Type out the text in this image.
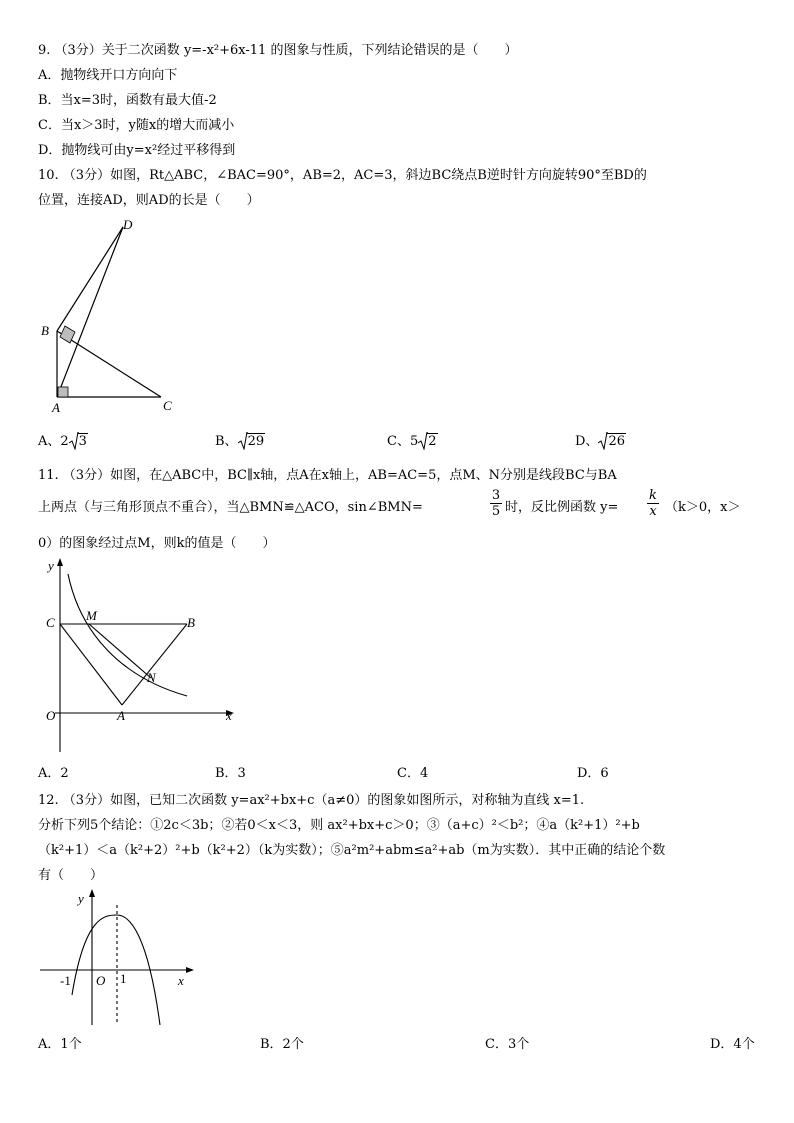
9. （3分）关于二次函数 y=-x²+6x-11 的图象与性质，下列结论错误的是（　　）
A．抛物线开口方向向下
B．当x=3时，函数有最大值-2
C．当x＞3时，y随x的增大而减小
D．抛物线可由y=x²经过平移得到
10. （3分）如图，Rt△ABC，∠BAC=90°，AB=2，AC=3，斜边BC绕点B逆时针方向旋转90°至BD的
位置，连接AD，则AD的长是（　　）
D
B
A	C
A、2 3	B、 29	C、5 2	D、 26
11. （3分）如图，在△ABC中，BC∥x轴，点A在x轴上，AB=AC=5，点M、N分别是线段BC与BA
上两点（与三角形顶点不重合），当△BMN≌△ACO，sin∠BMN=	$\frac{3}{5}$ 时，反比例函数 $y= \frac{k}{x} (k>0$，x＞
0）的图象经过点M，则k的值是（　　）
y
C M	B
N
O	A	x
A．2	B．3	C．4	D．6
12. （3分）如图，已知二次函数 y=ax²+bx+c（a≠0）的图象如图所示，对称轴为直线 x=1.
分析下列5个结论：①2c＜3b；②若0＜x＜3，则 ax²+bx+c＞0；③（a+c）²＜b²；④a（k²+1）²+b
（k²+1）＜a（k²+2）²+b（k²+2）（k为实数）；⑤a²m²+abm≤a²+ab（m为实数）．其中正确的结论个数
有（　　）
y
-1 O 1	x
A．1个	B．2个	C．3个	D．4个
